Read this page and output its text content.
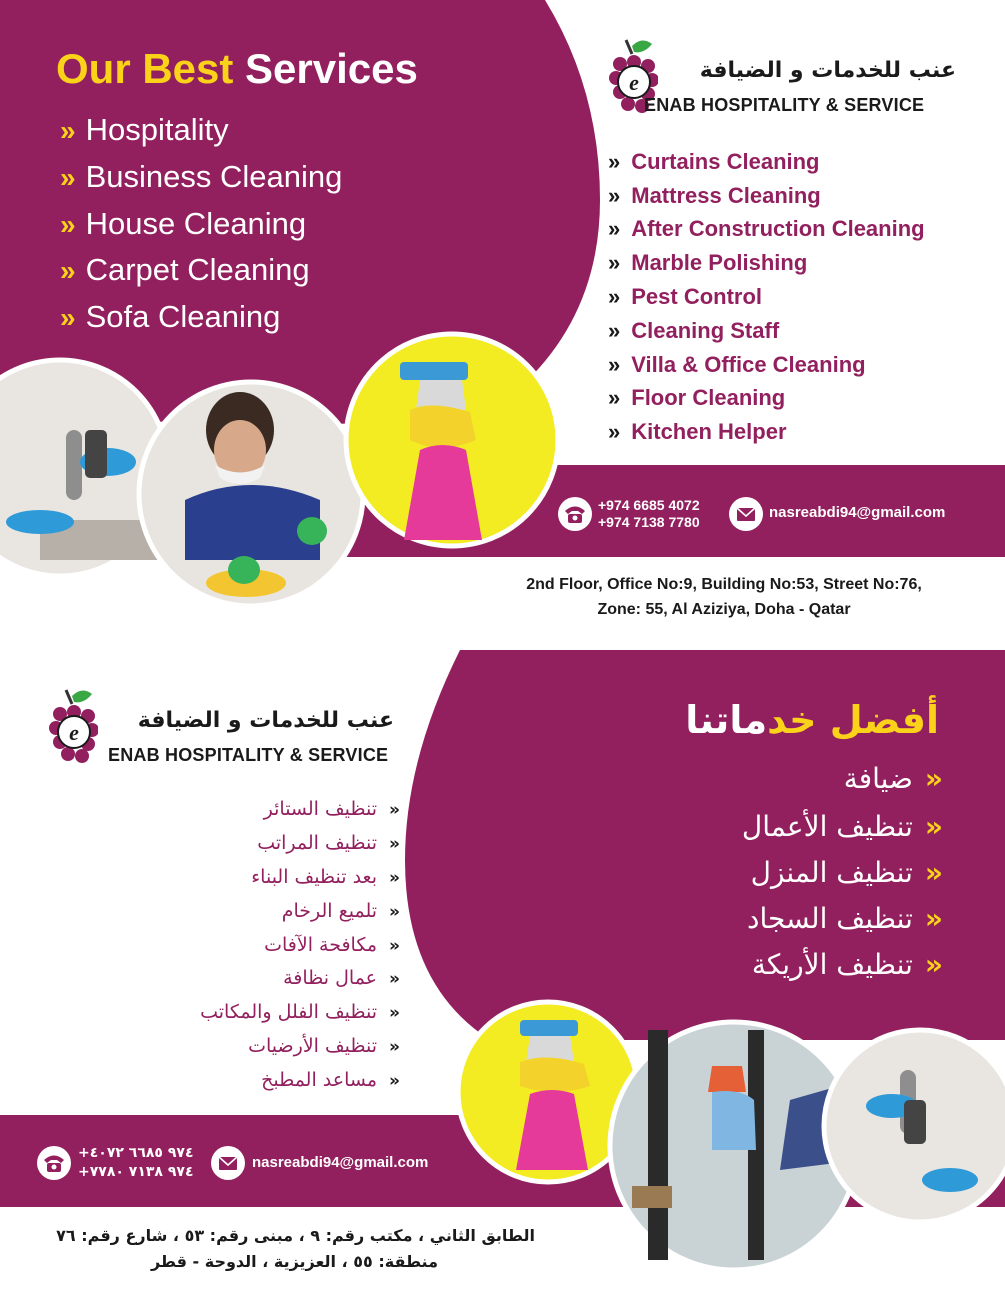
Our Best Services
» Hospitality
» Business Cleaning
» House Cleaning
» Carpet Cleaning
» Sofa Cleaning
e	عنب للخدمات و الضيافة
ENAB HOSPITALITY & SERVICE
» Curtains Cleaning
» Mattress Cleaning
» After Construction Cleaning
» Marble Polishing
» Pest Control
» Cleaning Staff
» Villa & Office Cleaning
» Floor Cleaning
» Kitchen Helper
+974 6685 4072
+974 7138 7780
nasreabdi94@gmail.com
2nd Floor, Office No:9, Building No:53, Street No:76,
Zone: 55, Al Aziziya, Doha - Qatar
e	عنب للخدمات و الضيافة
ENAB HOSPITALITY & SERVICE
أفضل خدماتنا
«ضيافة
«تنظيف الأعمال
«تنظيف المنزل
«تنظيف السجاد
«تنظيف الأريكة
«تنظيف الستائر
«تنظيف المراتب
«بعد تنظيف البناء
«تلميع الرخام
«مكافحة الآفات
«عمال نظافة
«تنظيف الفلل والمكاتب
«تنظيف الأرضيات
«مساعد المطبخ
+٩٧٤ ٦٦٨٥ ٤٠٧٢
+٩٧٤ ٧١٣٨ ٧٧٨٠
nasreabdi94@gmail.com
الطابق الثاني ، مكتب رقم: ٩ ، مبنى رقم: ٥٣ ، شارع رقم: ٧٦
منطقة: ٥٥ ، العزيزية ، الدوحة - قطر
